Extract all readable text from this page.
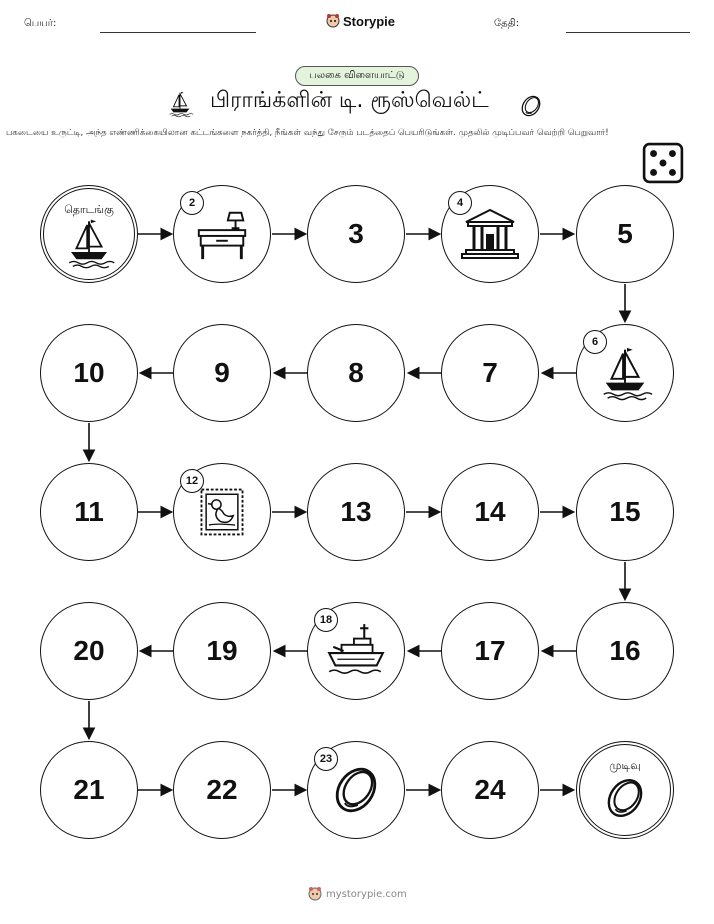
பெயர்:	Storypie	தேதி:
பலகை விளையாட்டு
பிராங்க்ளின் டி. ரூஸ்வெல்ட்
பகடையை உருட்டி, அந்த எண்ணிக்கையிலான கட்டங்களை நகர்த்தி, நீங்கள் வந்து சேரும் படத்தைப் பெயரிடுங்கள். முதலில் முடிப்பவர் வெற்றி பெறுவார்!
தொடங்கு	2
3
4
5
6
7
8
9
10
11
12
13	14	15
16
17
18
19
20
21	22
23
24
முடிவு
mystorypie.com
